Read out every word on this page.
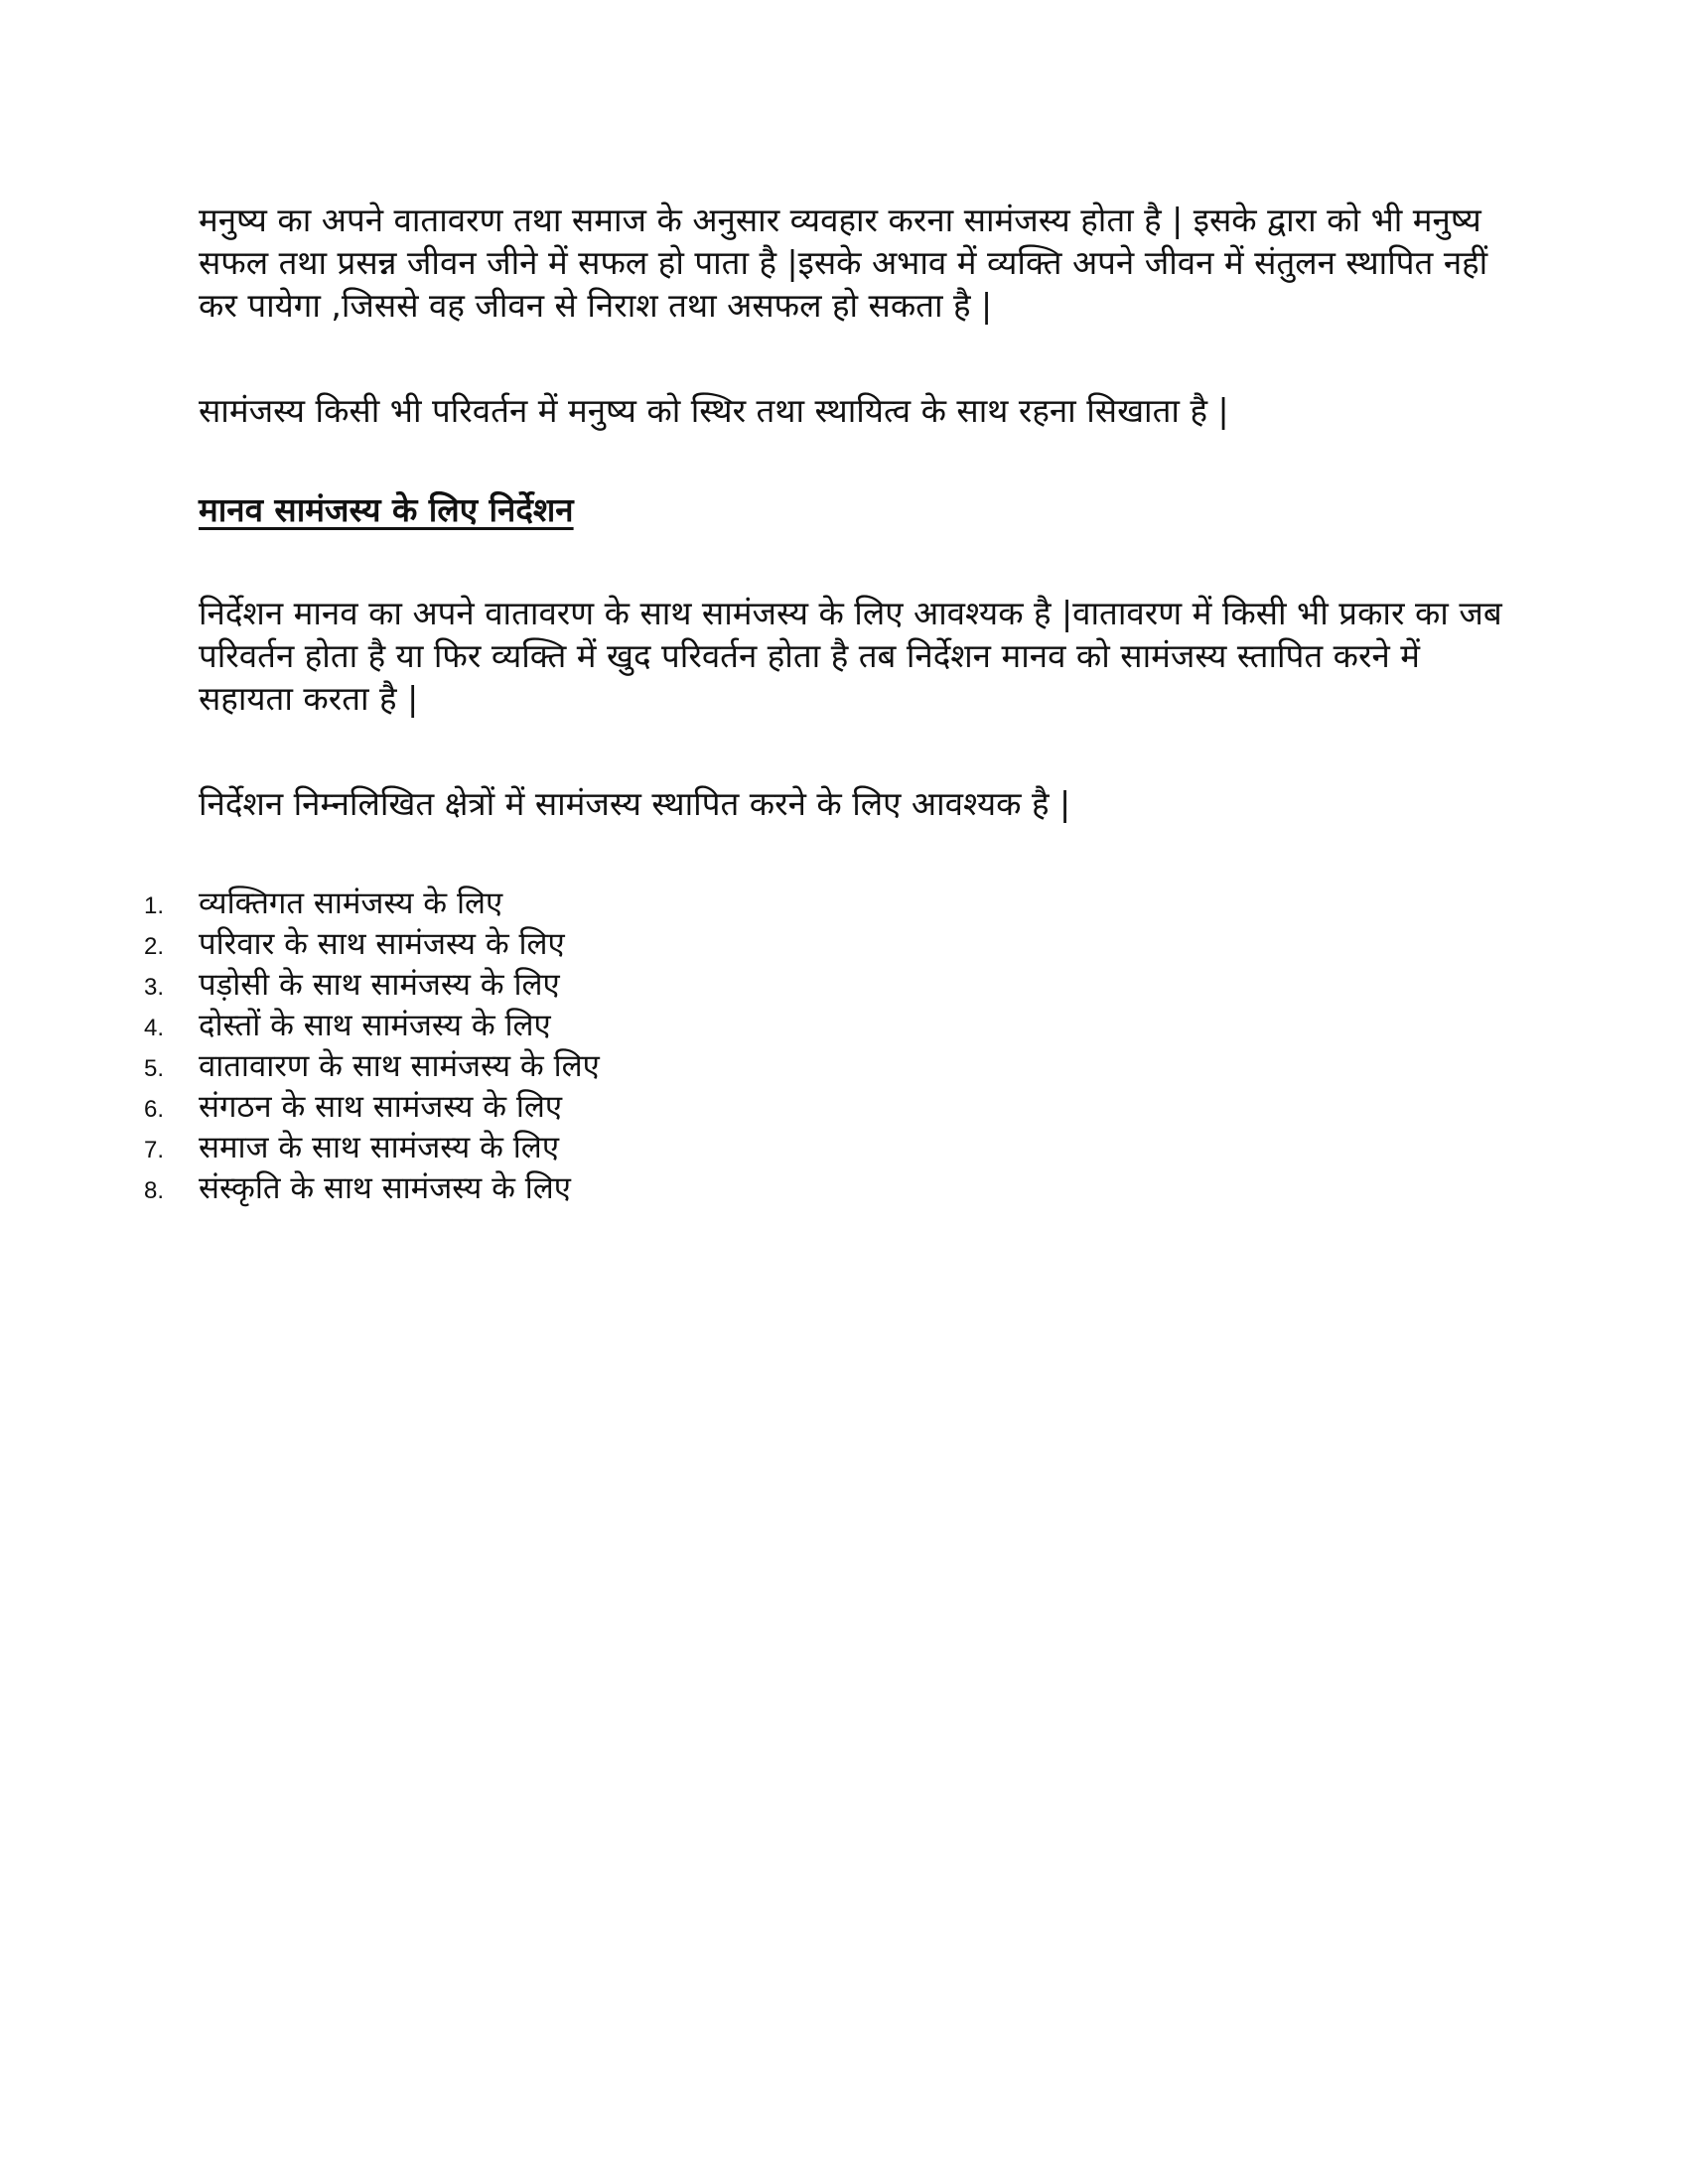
मनुष्य का अपने वातावरण तथा समाज के अनुसार व्यवहार करना सामंजस्य होता है | इसके द्वारा को भी मनुष्य सफल तथा प्रसन्न जीवन जीने में सफल हो पाता है |इसके अभाव में व्यक्ति अपने जीवन में संतुलन स्थापित नहीं कर पायेगा ,जिससे वह जीवन से निराश तथा असफल हो सकता है |

सामंजस्य किसी भी परिवर्तन में मनुष्य को स्थिर तथा स्थायित्व के साथ रहना सिखाता है |

मानव सामंजस्य के लिए निर्देशन

निर्देशन मानव का अपने वातावरण के साथ सामंजस्य के लिए आवश्यक है |वातावरण में किसी भी प्रकार का जब परिवर्तन होता है या फिर व्यक्ति में खुद परिवर्तन होता है तब निर्देशन मानव को सामंजस्य स्तापित करने में सहायता करता है |

निर्देशन निम्नलिखित क्षेत्रों में सामंजस्य स्थापित करने के लिए आवश्यक है |

1.	व्यक्तिगत सामंजस्य के लिए
2.	परिवार के साथ सामंजस्य के लिए
3.	पड़ोसी के साथ सामंजस्य के लिए
4.	दोस्तों के साथ सामंजस्य के लिए
5.	वातावारण के साथ सामंजस्य के लिए
6.	संगठन के साथ सामंजस्य के लिए
7.	समाज के साथ सामंजस्य के लिए
8.	संस्कृति के साथ सामंजस्य के लिए
